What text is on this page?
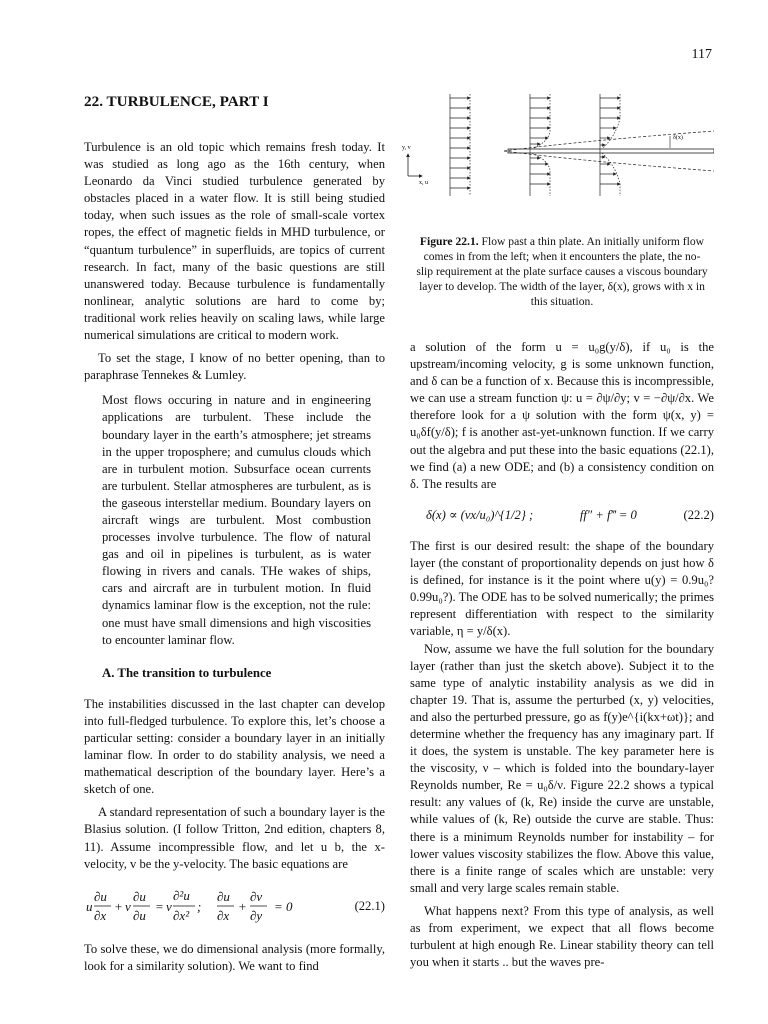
117
22. TURBULENCE, PART I

Turbulence is an old topic which remains fresh today. It was studied as long ago as the 16th century, when Leonardo da Vinci studied turbulence generated by obstacles placed in a water flow. It is still being studied today, when such issues as the role of small-scale vortex ropes, the effect of magnetic fields in MHD turbulence, or “quantum turbulence” in superfluids, are topics of current research. In fact, many of the basic questions are still unanswered today. Because turbulence is fundamentally nonlinear, analytic solutions are hard to come by; traditional work relies heavily on scaling laws, while large numerical simulations are critical to modern work.

To set the stage, I know of no better opening, than to paraphrase Tennekes & Lumley.

Most flows occuring in nature and in engineering applications are turbulent. These include the boundary layer in the earth’s atmosphere; jet streams in the upper troposphere; and cumulus clouds which are in turbulent motion. Subsurface ocean currents are turbulent. Stellar atmospheres are turbulent, as is the gaseous interstellar medium. Boundary layers on aircraft wings are turbulent. Most combustion processes involve turbulence. The flow of natural gas and oil in pipelines is turbulent, as is water flowing in rivers and canals. THe wakes of ships, cars and aircraft are in turbulent motion. In fluid dynamics laminar flow is the exception, not the rule: one must have small dimensions and high viscosities to encounter laminar flow.

A. The transition to turbulence

The instabilities discussed in the last chapter can develop into full-fledged turbulence. To explore this, let’s choose a particular setting: consider a boundary layer in an initially laminar flow. In order to do stability analysis, we need a mathematical description of the boundary layer. Here’s a sketch of one.

A standard representation of such a boundary layer is the Blasius solution. (I follow Tritton, 2nd edition, chapters 8, 11). Assume incompressible flow, and let u b, the x-velocity, v be the y-velocity. The basic equations are

u
∂u
∂x
+ v
∂u
∂u
= ν
∂²u
∂x²
;
∂u
∂x
+
∂v
∂y
= 0	(22.1)

To solve these, we do dimensional analysis (more formally, look for a similarity solution). We want to find

y, v
x, u
δ(x)
Figure 22.1. Flow past a thin plate. An initially uniform flow comes in from the left; when it encounters the plate, the no-slip requirement at the plate surface causes a viscous boundary layer to develop. The width of the layer, δ(x), grows with x in this situation.

a solution of the form u = u₀g(y/δ), if u₀ is the upstream/incoming velocity, g is some unknown function, and δ can be a function of x. Because this is incompressible, we can use a stream function ψ: u = ∂ψ/∂y; v = −∂ψ/∂x. We therefore look for a ψ solution with the form ψ(x, y) = u₀δf(y/δ); f is another ast-yet-unknown function. If we carry out the algebra and put these into the basic equations (22.1), we find (a) a new ODE; and (b) a consistency condition on δ. The results are

δ(x) ∝ (νx/u₀)^{1/2} ;	ff″ + f‴ = 0	(22.2)

The first is our desired result: the shape of the boundary layer (the constant of proportionality depends on just how δ is defined, for instance is it the point where u(y) = 0.9u₀? 0.99u₀?). The ODE has to be solved numerically; the primes represent differentiation with respect to the similarity variable, η = y/δ(x).

Now, assume we have the full solution for the boundary layer (rather than just the sketch above). Subject it to the same type of analytic instability analysis as we did in chapter 19. That is, assume the perturbed (x, y) velocities, and also the perturbed pressure, go as f(y)e^{i(kx+ωt)}; and determine whether the frequency has any imaginary part. If it does, the system is unstable. The key parameter here is the viscosity, ν – which is folded into the boundary-layer Reynolds number, Re = u₀δ/ν. Figure 22.2 shows a typical result: any values of (k, Re) inside the curve are unstable, while values of (k, Re) outside the curve are stable. Thus: there is a minimum Reynolds number for instability – for lower values viscosity stabilizes the flow. Above this value, there is a finite range of scales which are unstable: very small and very large scales remain stable.

What happens next? From this type of analysis, as well as from experiment, we expect that all flows become turbulent at high enough Re. Linear stability theory can tell you when it starts .. but the waves pre-
